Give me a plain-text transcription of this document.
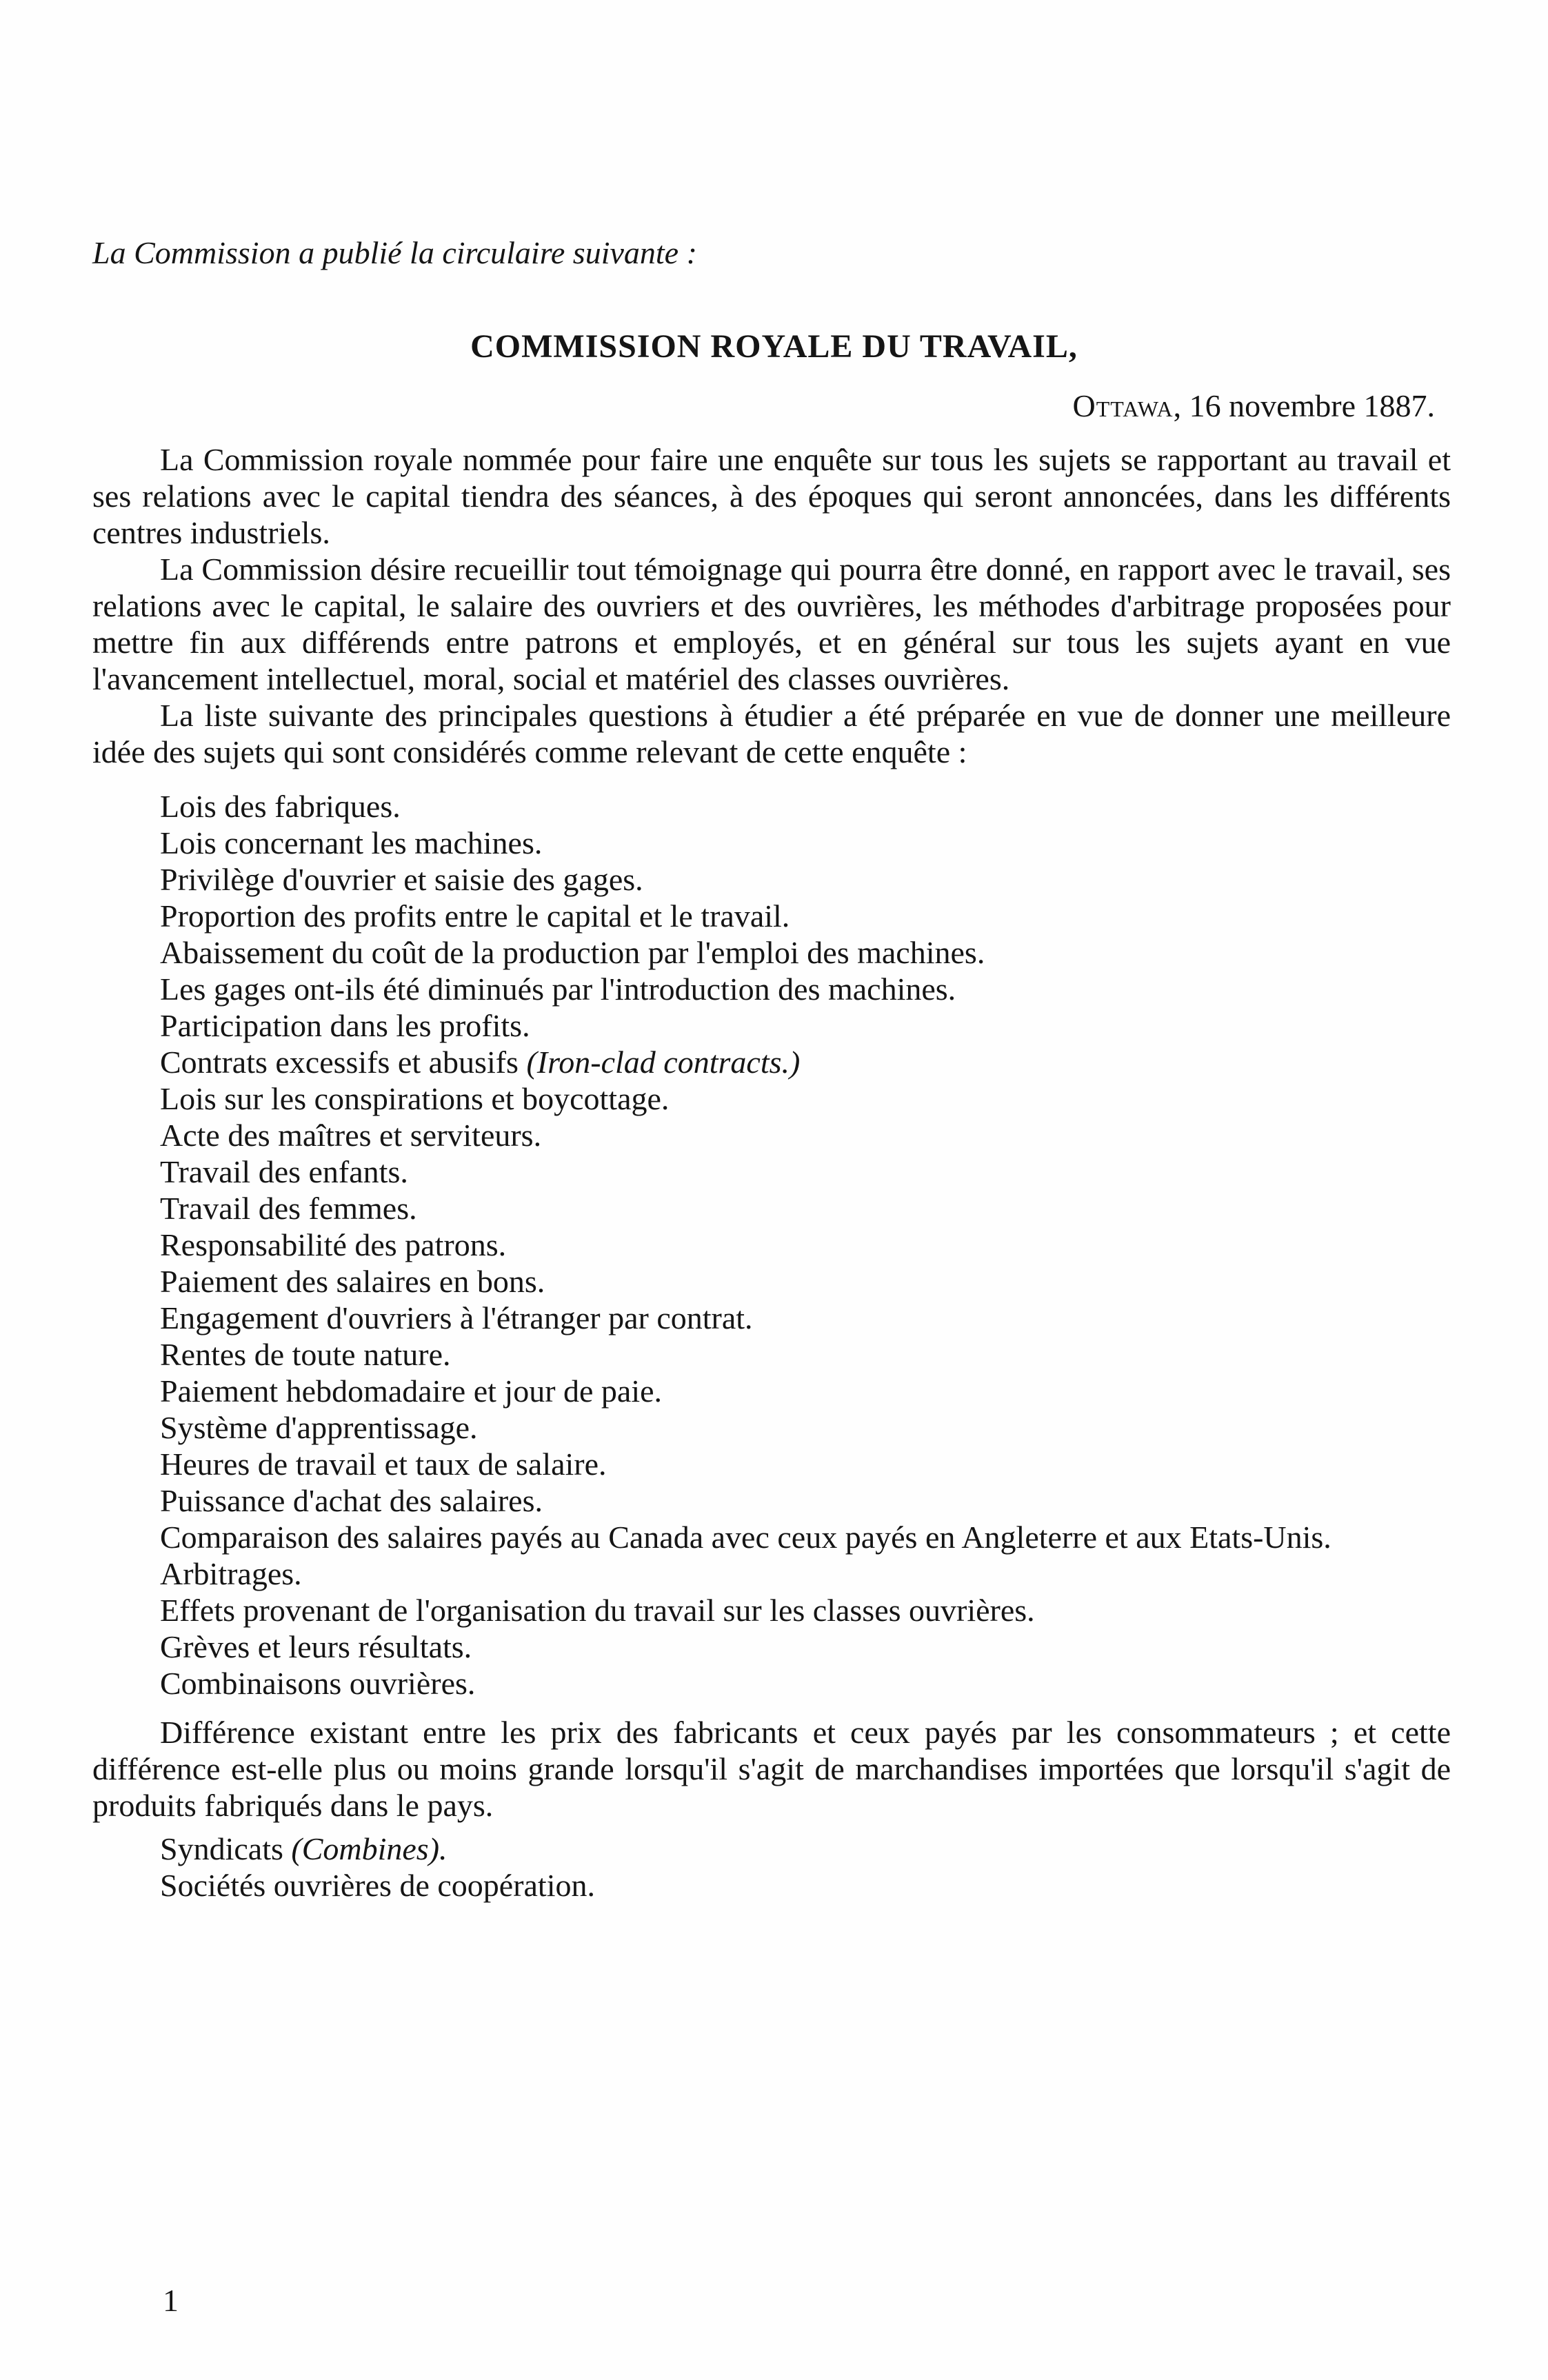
La Commission a publié la circulaire suivante :

COMMISSION ROYALE DU TRAVAIL,

Ottawa, 16 novembre 1887.

La Commission royale nommée pour faire une enquête sur tous les sujets se rapportant au travail et ses relations avec le capital tiendra des séances, à des époques qui seront annoncées, dans les différents centres industriels.

La Commission désire recueillir tout témoignage qui pourra être donné, en rapport avec le travail, ses relations avec le capital, le salaire des ouvriers et des ouvrières, les méthodes d'arbitrage proposées pour mettre fin aux différends entre patrons et employés, et en général sur tous les sujets ayant en vue l'avancement intellectuel, moral, social et matériel des classes ouvrières.

La liste suivante des principales questions à étudier a été préparée en vue de donner une meilleure idée des sujets qui sont considérés comme relevant de cette enquête :

Lois des fabriques.
Lois concernant les machines.
Privilège d'ouvrier et saisie des gages.
Proportion des profits entre le capital et le travail.
Abaissement du coût de la production par l'emploi des machines.
Les gages ont-ils été diminués par l'introduction des machines.
Participation dans les profits.
Contrats excessifs et abusifs (Iron-clad contracts.)
Lois sur les conspirations et boycottage.
Acte des maîtres et serviteurs.
Travail des enfants.
Travail des femmes.
Responsabilité des patrons.
Paiement des salaires en bons.
Engagement d'ouvriers à l'étranger par contrat.
Rentes de toute nature.
Paiement hebdomadaire et jour de paie.
Système d'apprentissage.
Heures de travail et taux de salaire.
Puissance d'achat des salaires.
Comparaison des salaires payés au Canada avec ceux payés en Angleterre et aux Etats-Unis.
Arbitrages.
Effets provenant de l'organisation du travail sur les classes ouvrières.
Grèves et leurs résultats.
Combinaisons ouvrières.
Différence existant entre les prix des fabricants et ceux payés par les consommateurs ; et cette différence est-elle plus ou moins grande lorsqu'il s'agit de marchandises importées que lorsqu'il s'agit de produits fabriqués dans le pays.
Syndicats (Combines).
Sociétés ouvrières de coopération.

1
